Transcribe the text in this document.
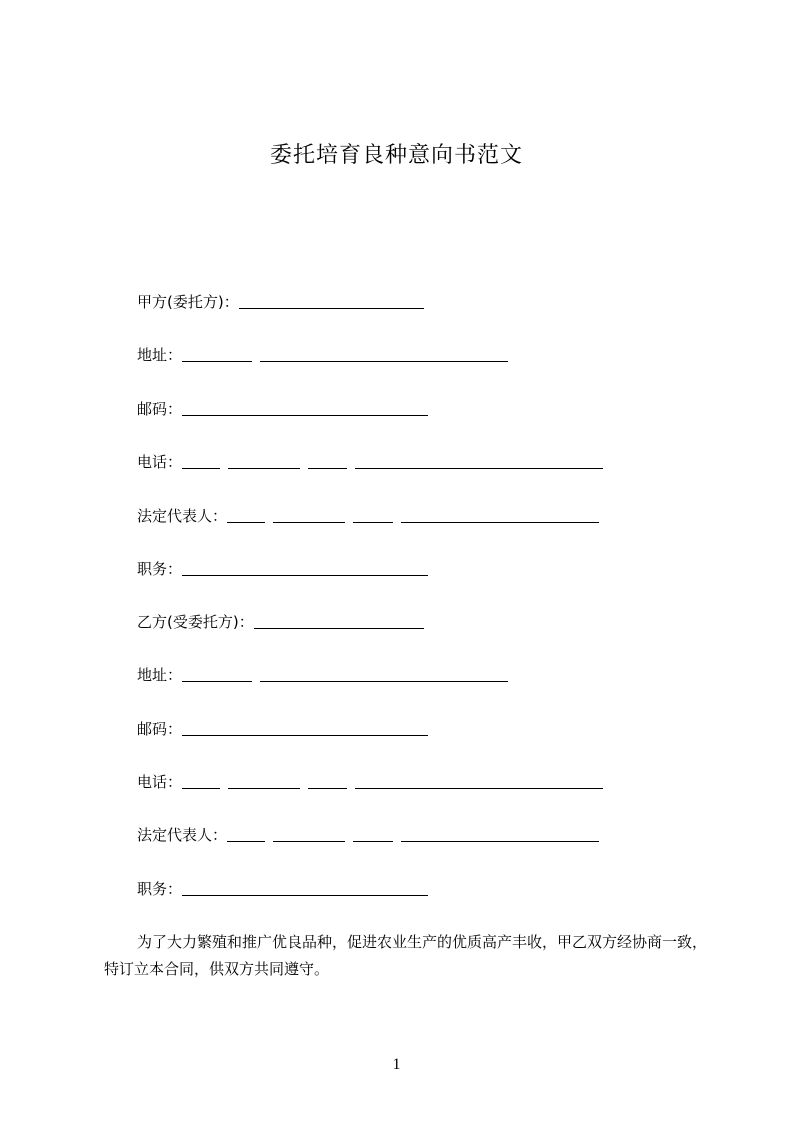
委托培育良种意向书范文
甲方(委托方)：
地址：
邮码：
电话：
法定代表人：
职务：
乙方(受委托方)：
地址：
邮码：
电话：
法定代表人：
职务：
为了大力繁殖和推广优良品种，促进农业生产的优质高产丰收，甲乙双方经协商一致，特订立本合同，供双方共同遵守。
1
